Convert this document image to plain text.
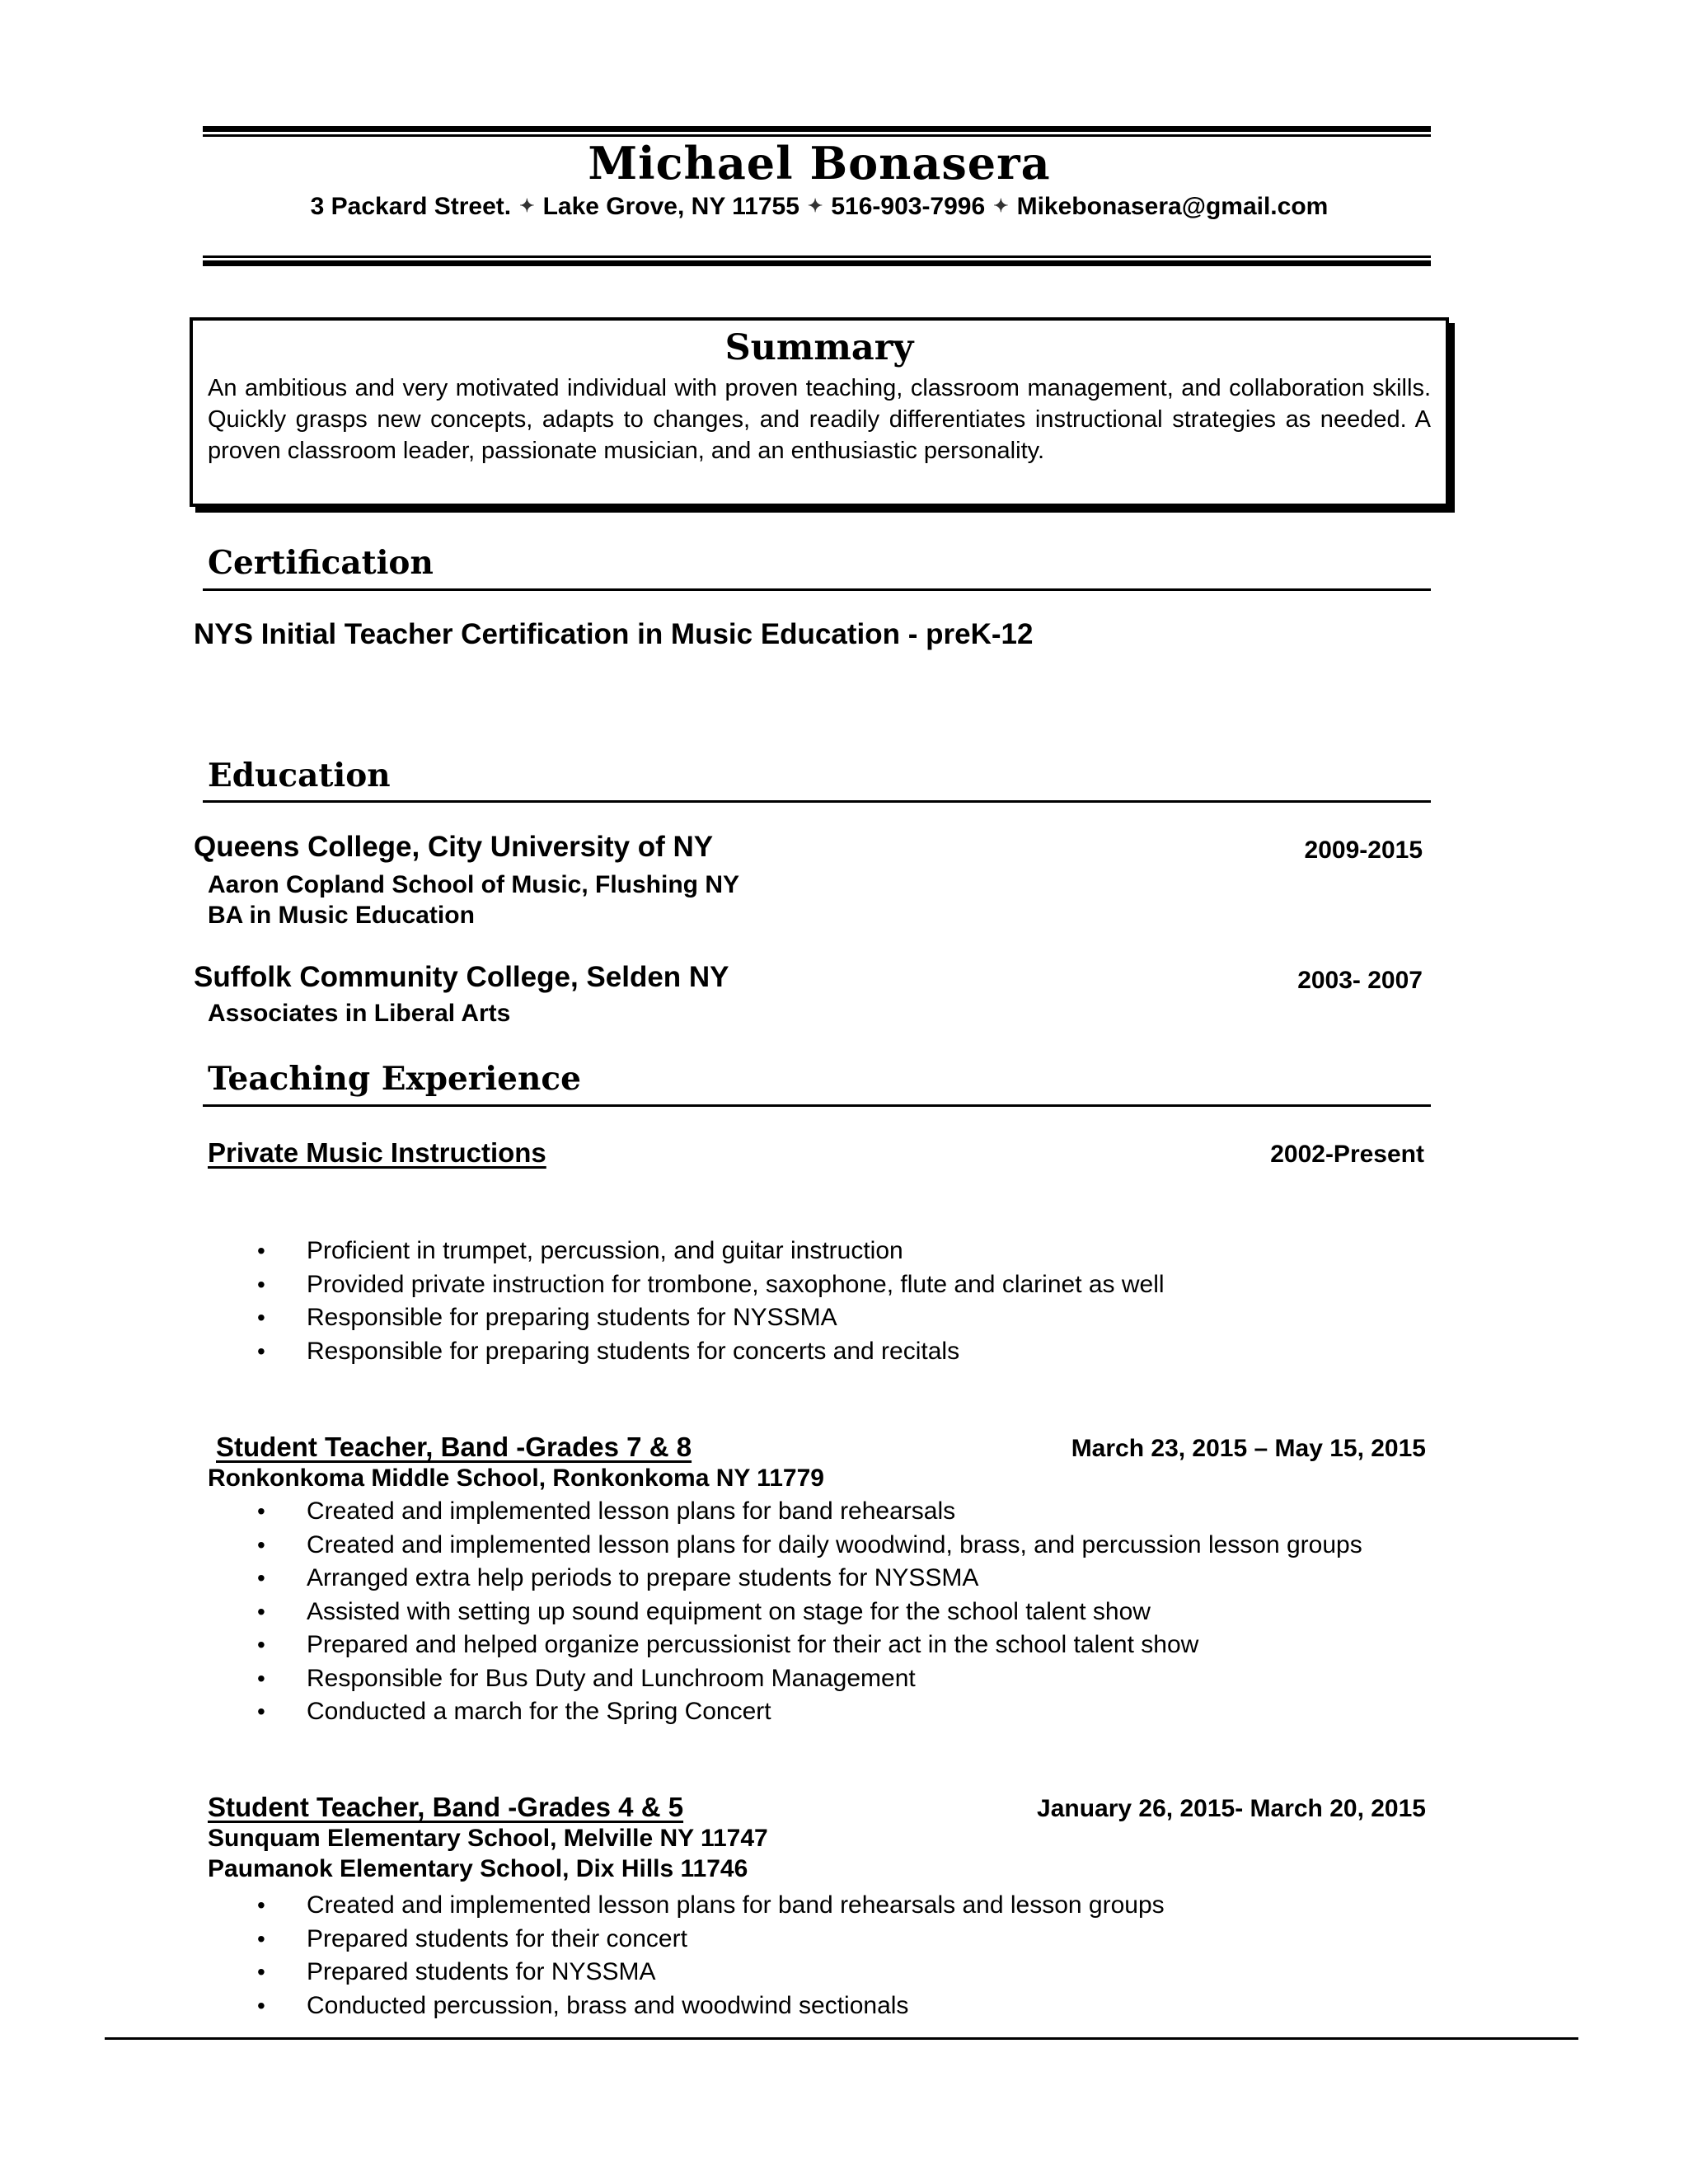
Michael Bonasera
3 Packard Street. ✦ Lake Grove, NY 11755 ✦ 516-903-7996 ✦ Mikebonasera@gmail.com
Summary
An ambitious and very motivated individual with proven teaching, classroom management, and collaboration skills. Quickly grasps new concepts, adapts to changes, and readily differentiates instructional strategies as needed. A proven classroom leader, passionate musician, and an enthusiastic personality.
Certification
NYS Initial Teacher Certification in Music Education - preK-12
Education
Queens College, City University of NY	2009-2015
Aaron Copland School of Music, Flushing NY
BA in Music Education
Suffolk Community College, Selden NY	2003- 2007
Associates in Liberal Arts
Teaching Experience
Private Music Instructions	2002-Present
• Proficient in trumpet, percussion, and guitar instruction
• Provided private instruction for trombone, saxophone, flute and clarinet as well
• Responsible for preparing students for NYSSMA
• Responsible for preparing students for concerts and recitals
Student Teacher, Band -Grades 7 & 8	March 23, 2015 – May 15, 2015
Ronkonkoma Middle School, Ronkonkoma NY 11779
• Created and implemented lesson plans for band rehearsals
• Created and implemented lesson plans for daily woodwind, brass, and percussion lesson groups
• Arranged extra help periods to prepare students for NYSSMA
• Assisted with setting up sound equipment on stage for the school talent show
• Prepared and helped organize percussionist for their act in the school talent show
• Responsible for Bus Duty and Lunchroom Management
• Conducted a march for the Spring Concert
Student Teacher, Band -Grades 4 & 5	January 26, 2015- March 20, 2015
Sunquam Elementary School, Melville NY 11747
Paumanok Elementary School, Dix Hills 11746
• Created and implemented lesson plans for band rehearsals and lesson groups
• Prepared students for their concert
• Prepared students for NYSSMA
• Conducted percussion, brass and woodwind sectionals
